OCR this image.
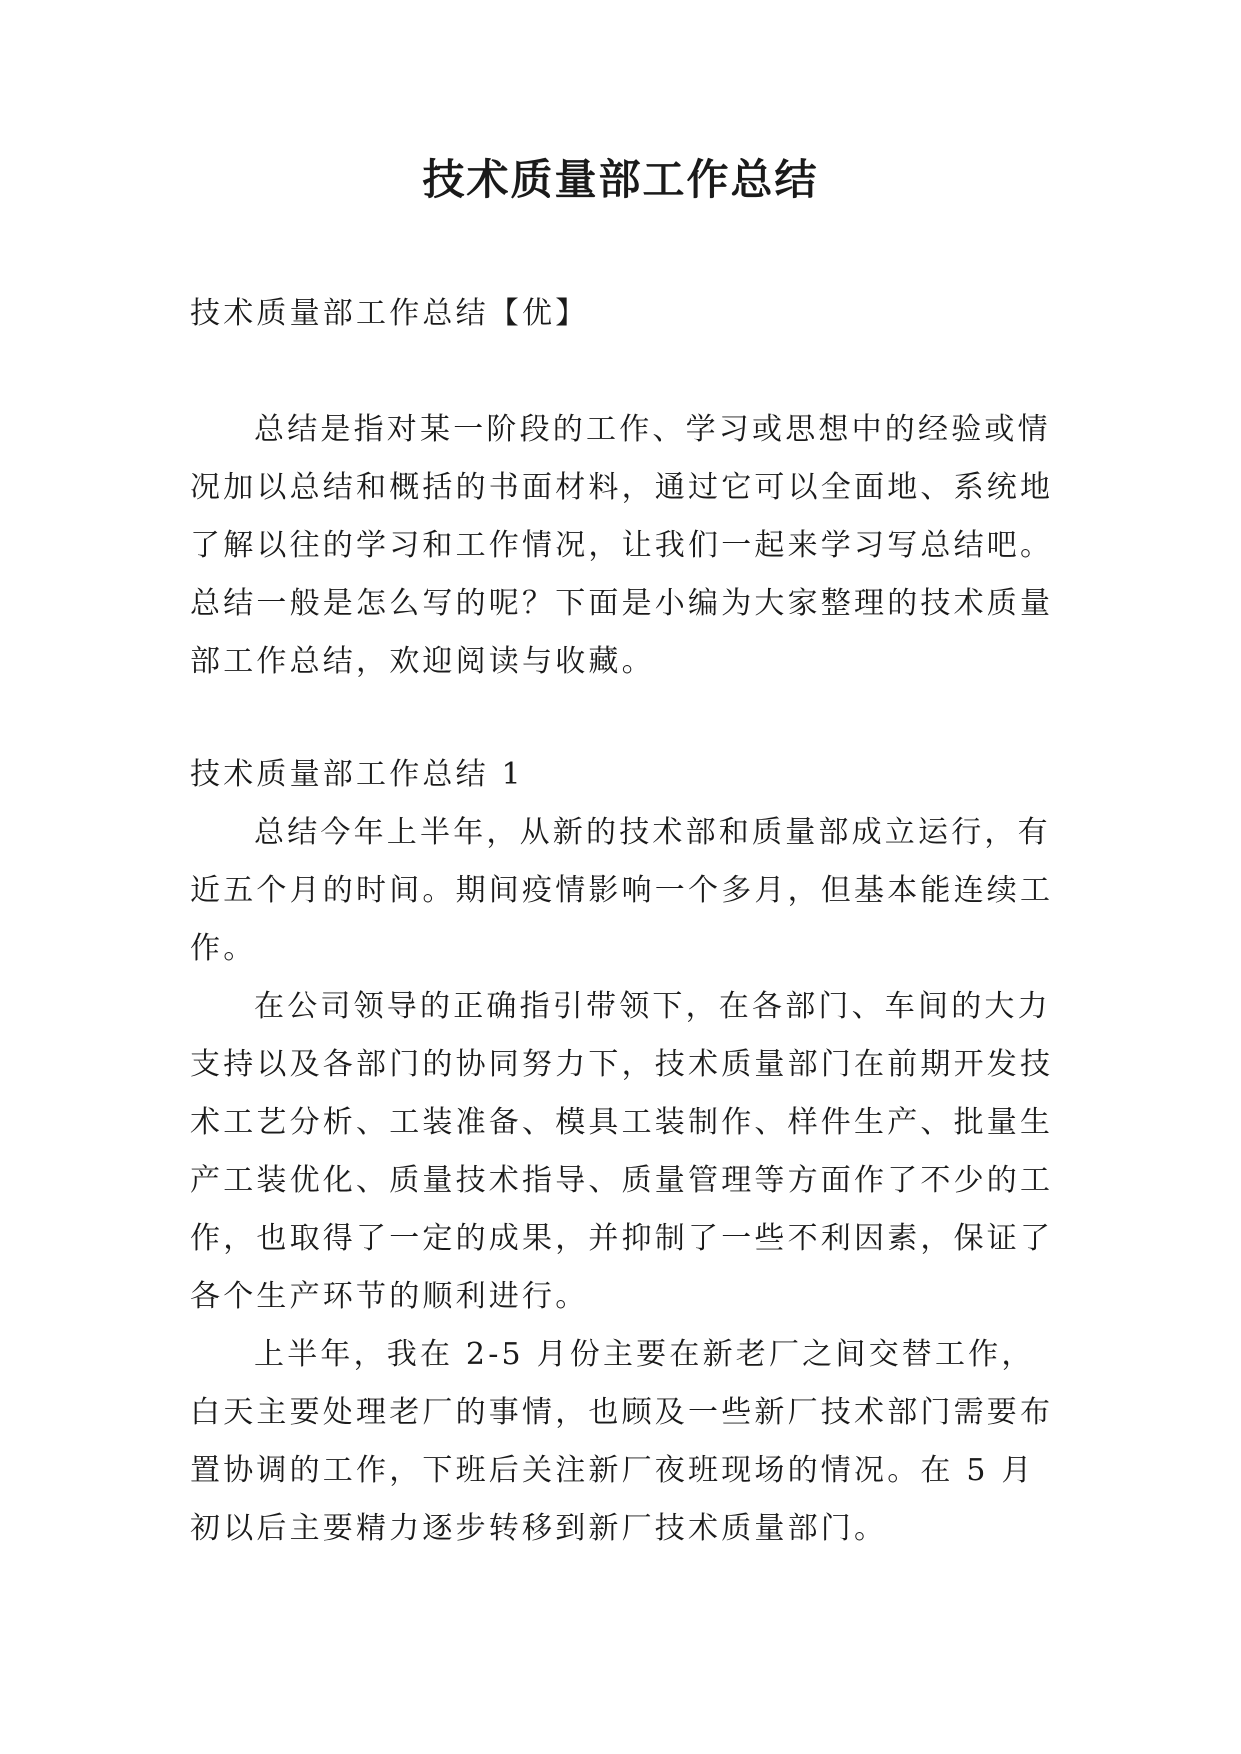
技术质量部工作总结

技术质量部工作总结【优】

总结是指对某一阶段的工作、学习或思想中的经验或情况加以总结和概括的书面材料，通过它可以全面地、系统地了解以往的学习和工作情况，让我们一起来学习写总结吧。总结一般是怎么写的呢？下面是小编为大家整理的技术质量部工作总结，欢迎阅读与收藏。

技术质量部工作总结 1

总结今年上半年，从新的技术部和质量部成立运行，有近五个月的时间。期间疫情影响一个多月，但基本能连续工作。

在公司领导的正确指引带领下，在各部门、车间的大力支持以及各部门的协同努力下，技术质量部门在前期开发技术工艺分析、工装准备、模具工装制作、样件生产、批量生产工装优化、质量技术指导、质量管理等方面作了不少的工作，也取得了一定的成果，并抑制了一些不利因素，保证了各个生产环节的顺利进行。

上半年，我在 2-5 月份主要在新老厂之间交替工作，白天主要处理老厂的事情，也顾及一些新厂技术部门需要布置协调的工作，下班后关注新厂夜班现场的情况。在 5 月初以后主要精力逐步转移到新厂技术质量部门。
